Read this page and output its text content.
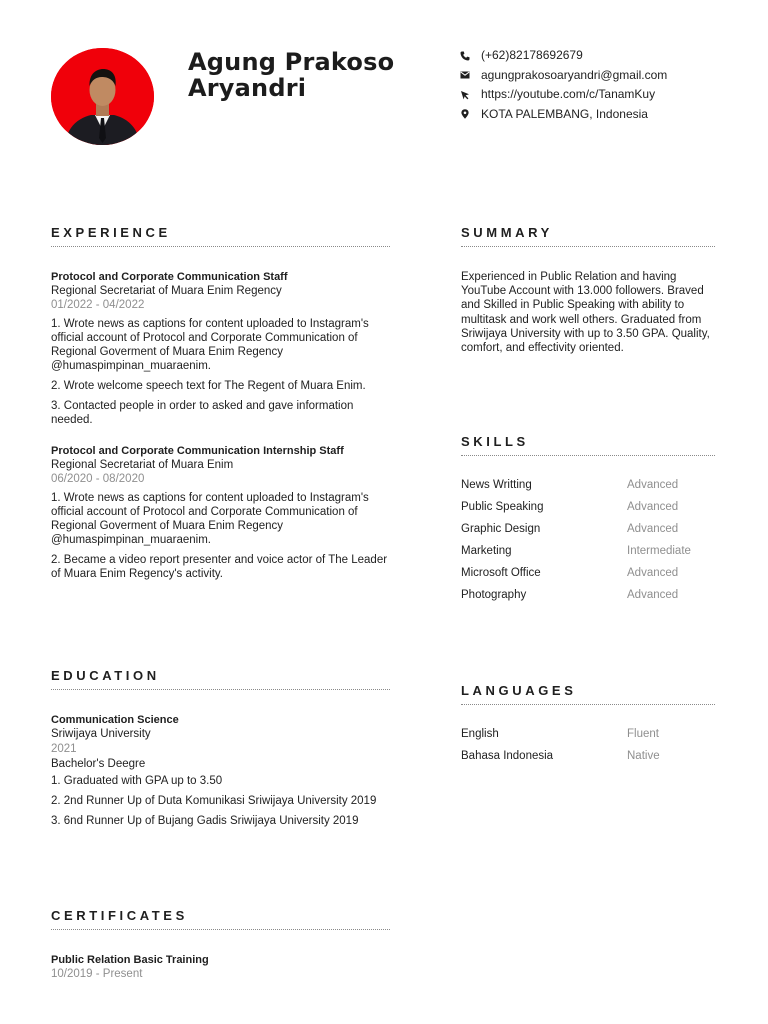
Agung Prakoso
Aryandri
(+62)82178692679
agungprakosoaryandri@gmail.com
https://youtube.com/c/TanamKuy
KOTA PALEMBANG, Indonesia
EXPERIENCE
Protocol and Corporate Communication Staff
Regional Secretariat of Muara Enim Regency
01/2022 - 04/2022
1. Wrote news as captions for content uploaded to Instagram's official account of Protocol and Corporate Communication of Regional Goverment of Muara Enim Regency @humaspimpinan_muaraenim.
2. Wrote welcome speech text for The Regent of Muara Enim.
3. Contacted people in order to asked and gave information needed.
Protocol and Corporate Communication Internship Staff
Regional Secretariat of Muara Enim
06/2020 - 08/2020
1. Wrote news as captions for content uploaded to Instagram's official account of Protocol and Corporate Communication of Regional Goverment of Muara Enim Regency @humaspimpinan_muaraenim.
2. Became a video report presenter and voice actor of The Leader of Muara Enim Regency's activity.
SUMMARY
Experienced in Public Relation and having YouTube Account with 13.000 followers. Braved and Skilled in Public Speaking with ability to multitask and work well others. Graduated from Sriwijaya University with up to 3.50 GPA. Quality, comfort, and effectivity oriented.
SKILLS
News Writting	Advanced
Public Speaking	Advanced
Graphic Design	Advanced
Marketing	Intermediate
Microsoft Office	Advanced
Photography	Advanced
EDUCATION
Communication Science
Sriwijaya University
2021
Bachelor's Deegre
1. Graduated with GPA up to 3.50
2. 2nd Runner Up of Duta Komunikasi Sriwijaya University 2019
3. 6nd Runner Up of Bujang Gadis Sriwijaya University 2019
LANGUAGES
English	Fluent
Bahasa Indonesia	Native
CERTIFICATES
Public Relation Basic Training
10/2019 - Present
